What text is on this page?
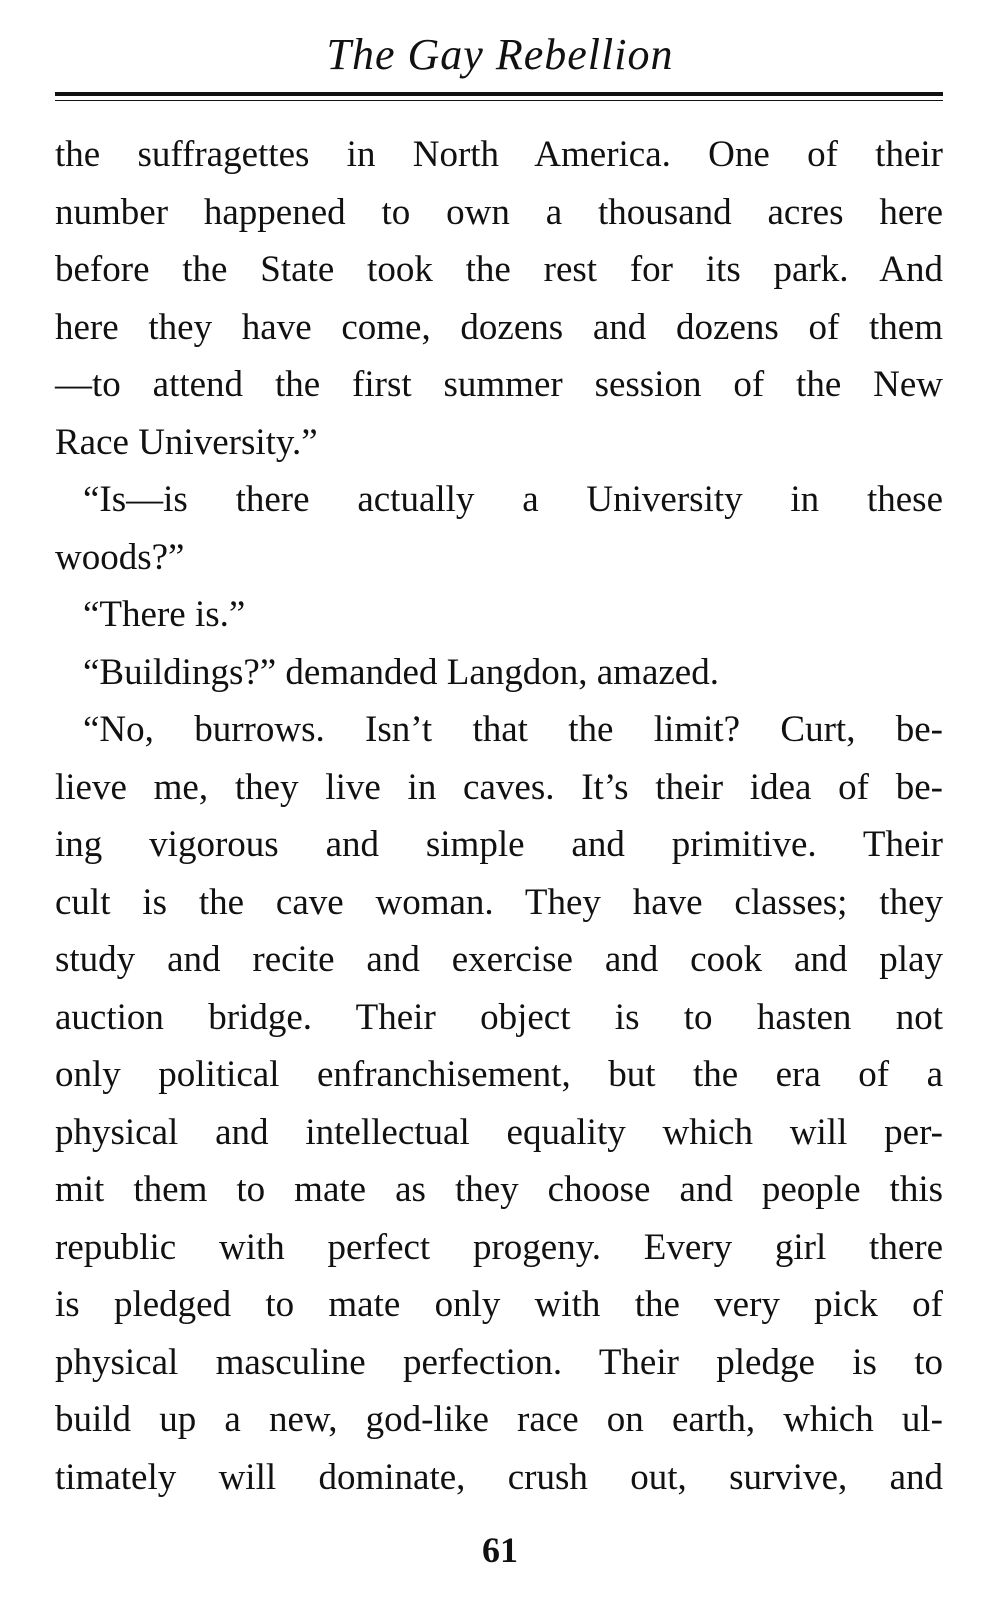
The Gay Rebellion
the suffragettes in North America. One of their
number happened to own a thousand acres here
before the State took the rest for its park. And
here they have come, dozens and dozens of them
—to attend the first summer session of the New
Race University.”
“Is—is there actually a University in these
woods?”
“There is.”
“Buildings?” demanded Langdon, amazed.
“No, burrows. Isn’t that the limit? Curt, be-
lieve me, they live in caves. It’s their idea of be-
ing vigorous and simple and primitive. Their
cult is the cave woman. They have classes; they
study and recite and exercise and cook and play
auction bridge. Their object is to hasten not
only political enfranchisement, but the era of a
physical and intellectual equality which will per-
mit them to mate as they choose and people this
republic with perfect progeny. Every girl there
is pledged to mate only with the very pick of
physical masculine perfection. Their pledge is to
build up a new, god-like race on earth, which ul-
timately will dominate, crush out, survive, and
61
